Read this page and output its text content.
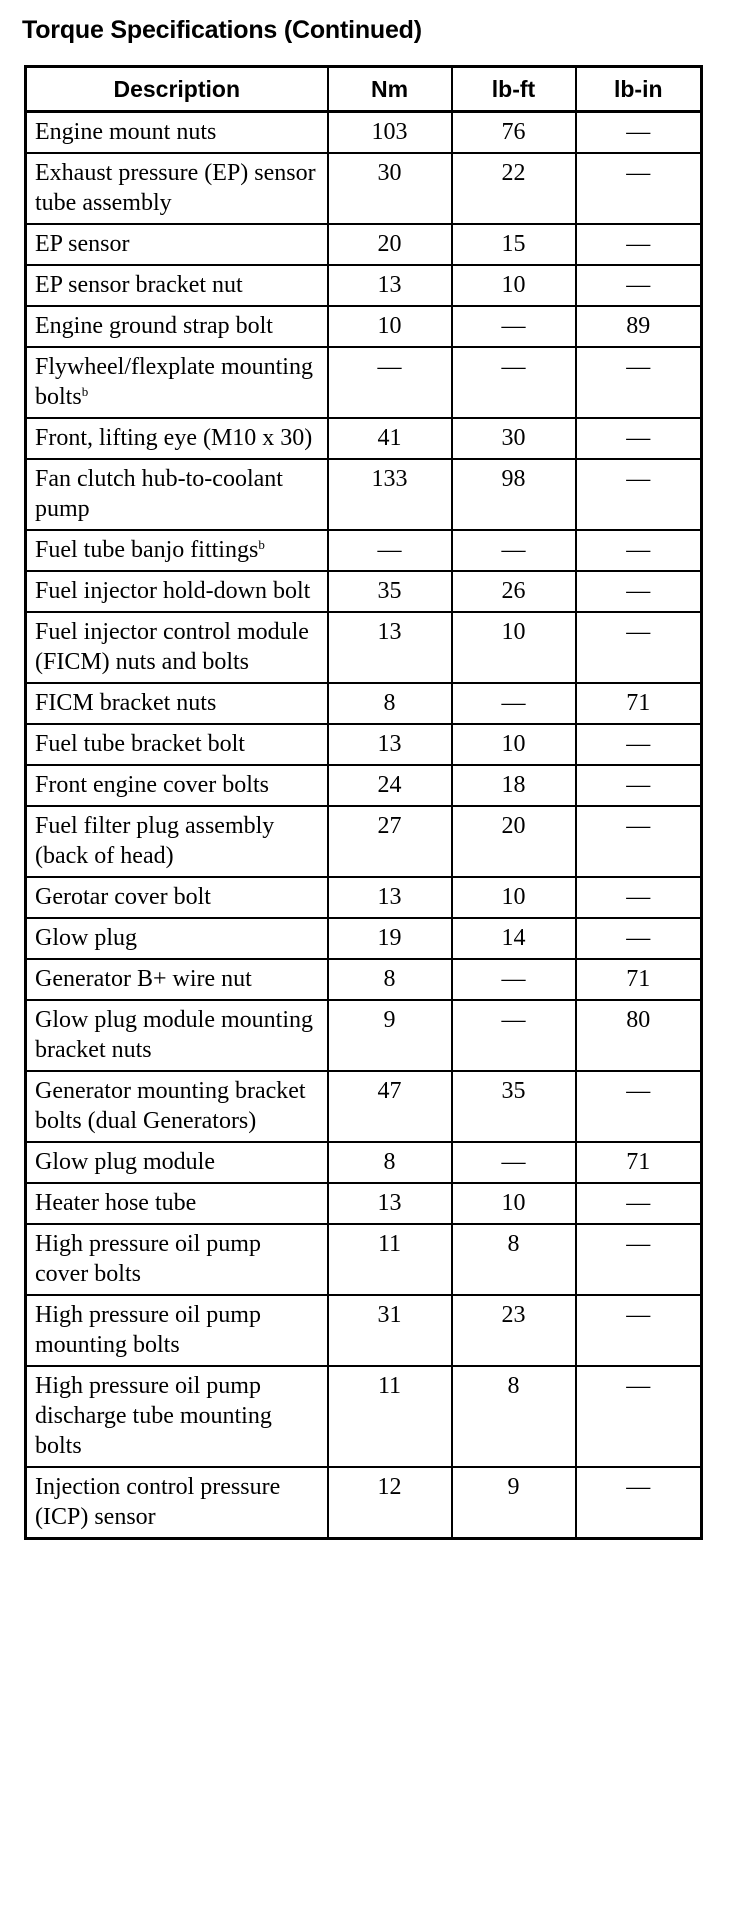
Torque Specifications (Continued)
Description	Nm	lb-ft	lb-in
Engine mount nuts	103	76	—
Exhaust pressure (EP) sensor tube assembly	30	22	—
EP sensor	20	15	—
EP sensor bracket nut	13	10	—
Engine ground strap bolt	10	—	89
Flywheel/flexplate mounting bolts$^b$	—	—	—
Front, lifting eye (M10 x 30)	41	30	—
Fan clutch hub-to-coolant pump	133	98	—
Fuel tube banjo fittings$^b$	—	—	—
Fuel injector hold-down bolt	35	26	—
Fuel injector control module (FICM) nuts and bolts	13	10	—
FICM bracket nuts	8	—	71
Fuel tube bracket bolt	13	10	—
Front engine cover bolts	24	18	—
Fuel filter plug assembly (back of head)	27	20	—
Gerotar cover bolt	13	10	—
Glow plug	19	14	—
Generator B+ wire nut	8	—	71
Glow plug module mounting bracket nuts	9	—	80
Generator mounting bracket bolts (dual Generators)	47	35	—
Glow plug module	8	—	71
Heater hose tube	13	10	—
High pressure oil pump cover bolts	11	8	—
High pressure oil pump mounting bolts	31	23	—
High pressure oil pump discharge tube mounting bolts	11	8	—
Injection control pressure (ICP) sensor	12	9	—
